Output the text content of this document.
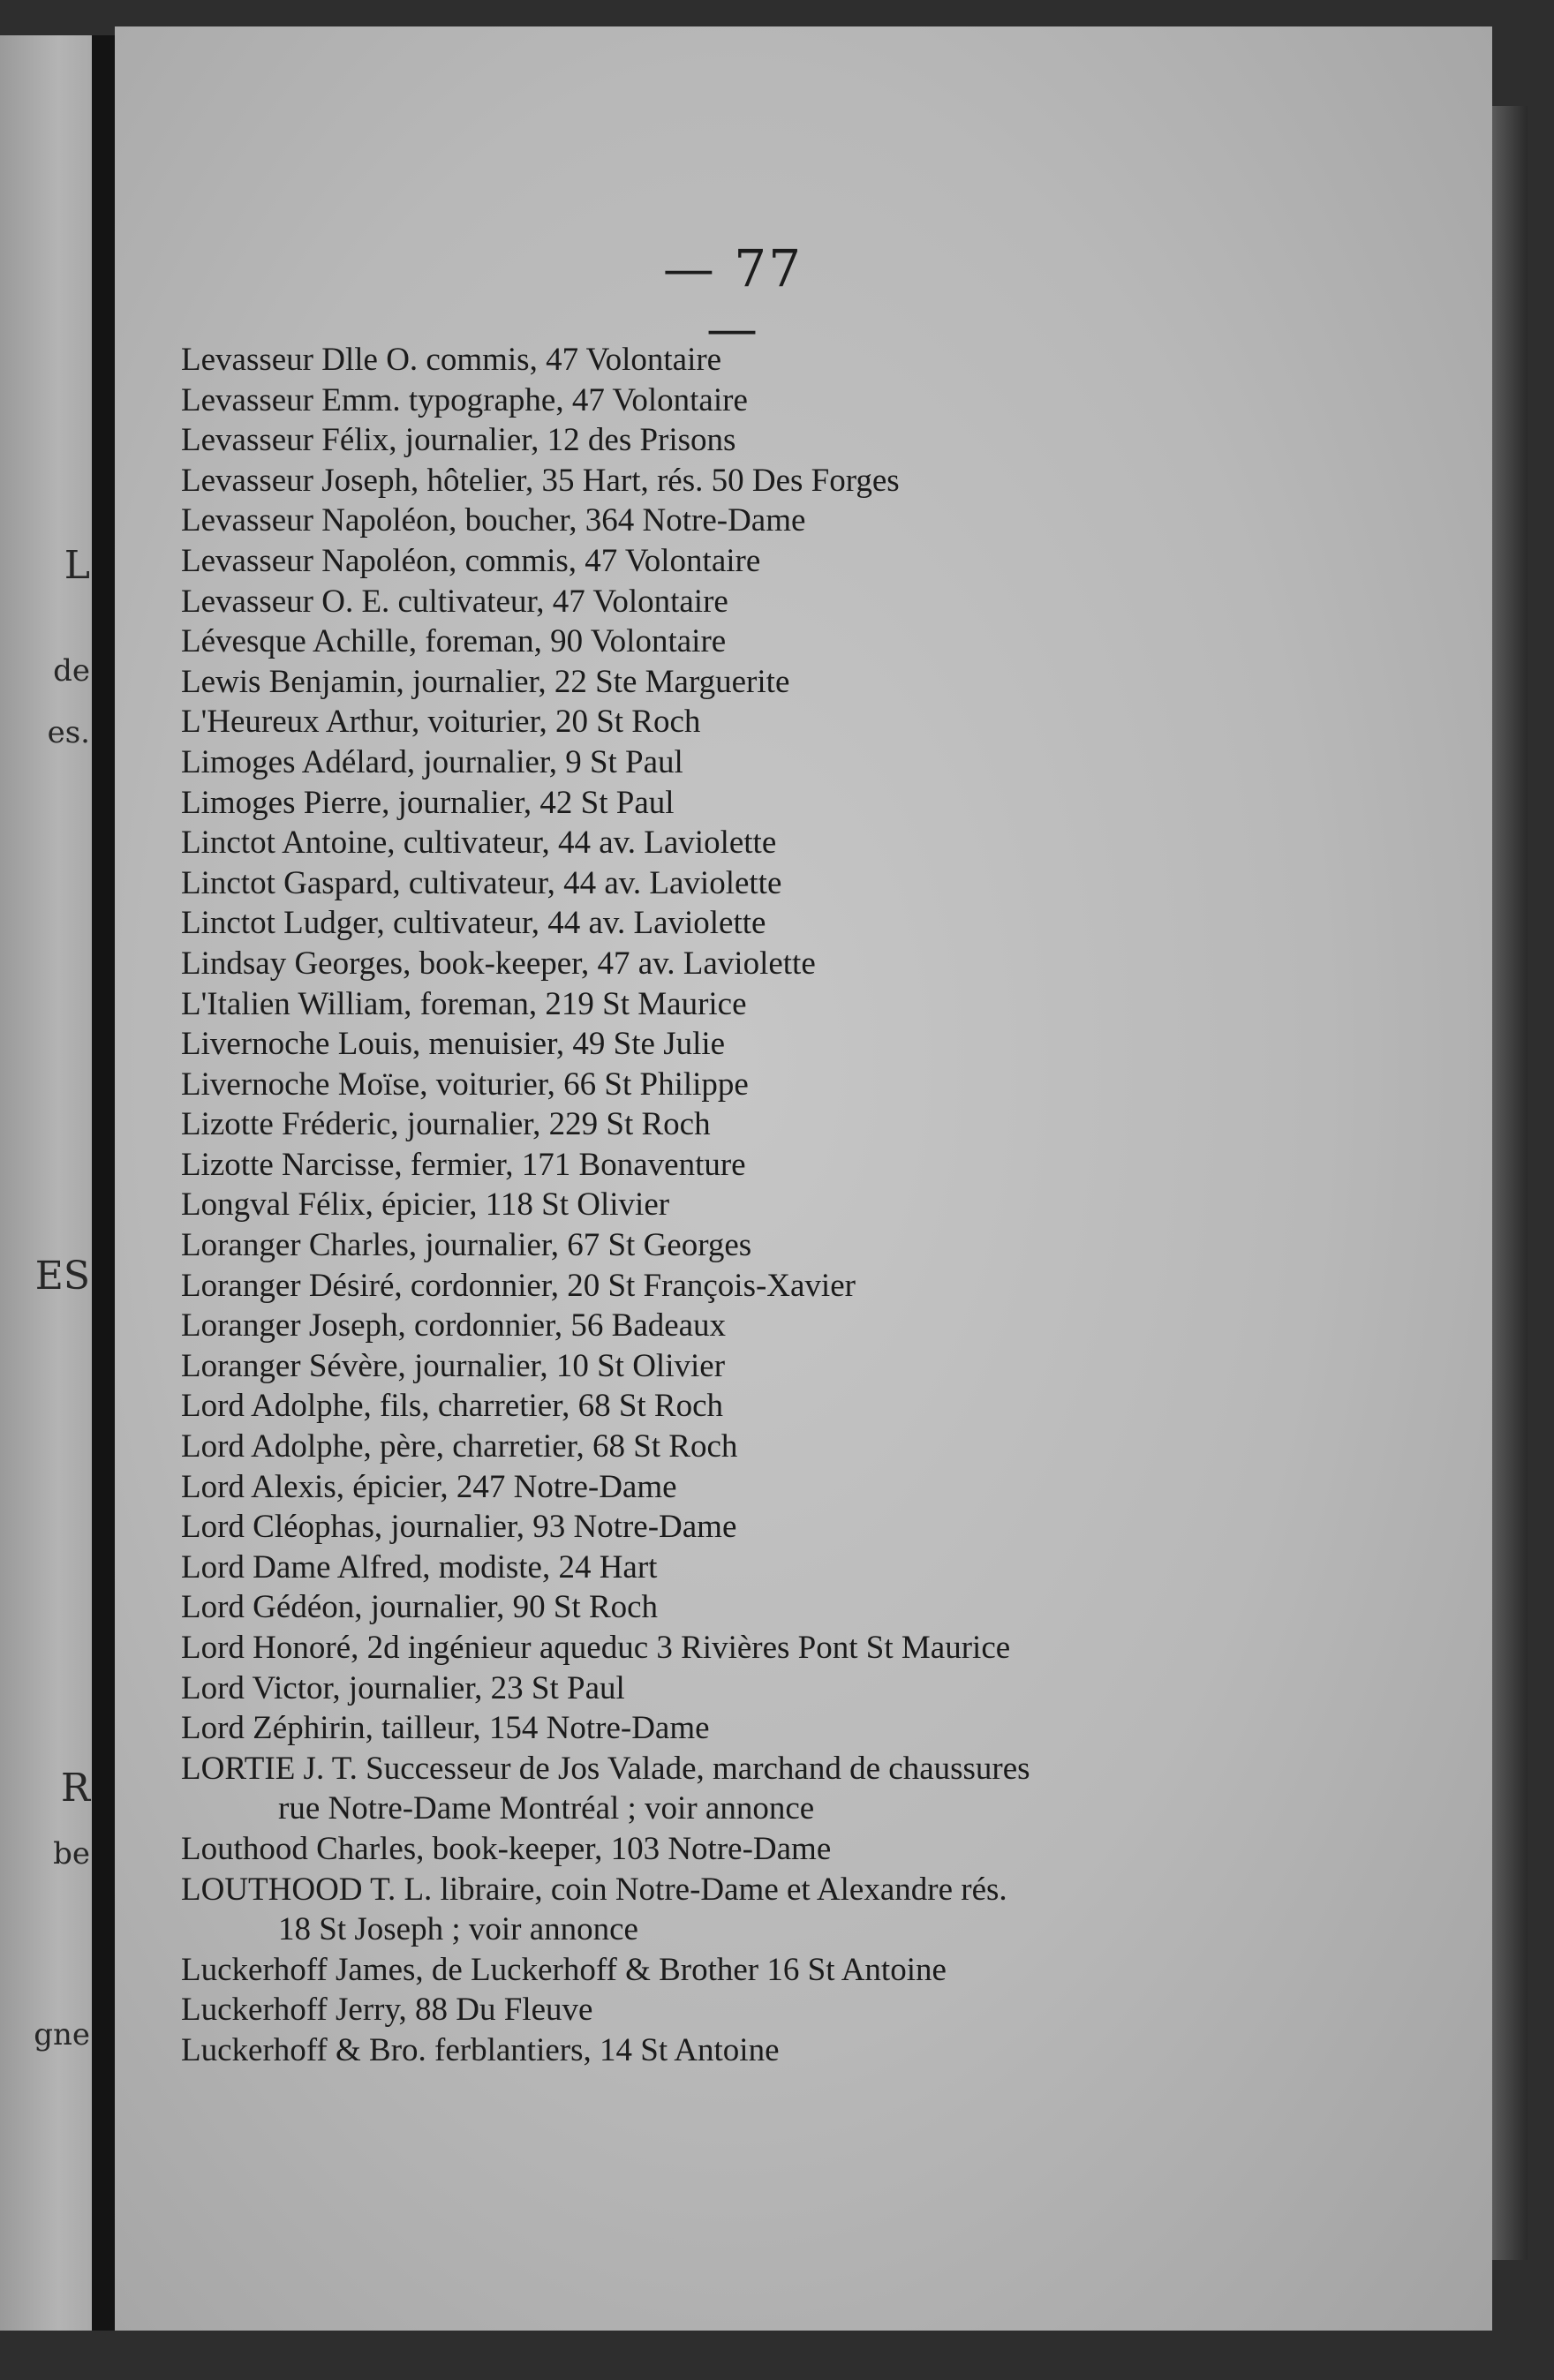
L
de
es.
ES
R
be
gne
— 77 —
Levasseur Dlle O. commis, 47 Volontaire
Levasseur Emm. typographe, 47 Volontaire
Levasseur Félix, journalier, 12 des Prisons
Levasseur Joseph, hôtelier, 35 Hart, rés. 50 Des Forges
Levasseur Napoléon, boucher, 364 Notre-Dame
Levasseur Napoléon, commis, 47 Volontaire
Levasseur O. E. cultivateur, 47 Volontaire
Lévesque Achille, foreman, 90 Volontaire
Lewis Benjamin, journalier, 22 Ste Marguerite
L'Heureux Arthur, voiturier, 20 St Roch
Limoges Adélard, journalier, 9 St Paul
Limoges Pierre, journalier, 42 St Paul
Linctot Antoine, cultivateur, 44 av. Laviolette
Linctot Gaspard, cultivateur, 44 av. Laviolette
Linctot Ludger, cultivateur, 44 av. Laviolette
Lindsay Georges, book-keeper, 47 av. Laviolette
L'Italien William, foreman, 219 St Maurice
Livernoche Louis, menuisier, 49 Ste Julie
Livernoche Moïse, voiturier, 66 St Philippe
Lizotte Fréderic, journalier, 229 St Roch
Lizotte Narcisse, fermier, 171 Bonaventure
Longval Félix, épicier, 118 St Olivier
Loranger Charles, journalier, 67 St Georges
Loranger Désiré, cordonnier, 20 St François-Xavier
Loranger Joseph, cordonnier, 56 Badeaux
Loranger Sévère, journalier, 10 St Olivier
Lord Adolphe, fils, charretier, 68 St Roch
Lord Adolphe, père, charretier, 68 St Roch
Lord Alexis, épicier, 247 Notre-Dame
Lord Cléophas, journalier, 93 Notre-Dame
Lord Dame Alfred, modiste, 24 Hart
Lord Gédéon, journalier, 90 St Roch
Lord Honoré, 2d ingénieur aqueduc 3 Rivières Pont St Maurice
Lord Victor, journalier, 23 St Paul
Lord Zéphirin, tailleur, 154 Notre-Dame
LORTIE J. T. Successeur de Jos Valade, marchand de chaussures
rue Notre-Dame Montréal ; voir annonce
Louthood Charles, book-keeper, 103 Notre-Dame
LOUTHOOD T. L. libraire, coin Notre-Dame et Alexandre rés.
18 St Joseph ; voir annonce
Luckerhoff James, de Luckerhoff & Brother 16 St Antoine
Luckerhoff Jerry, 88 Du Fleuve
Luckerhoff & Bro. ferblantiers, 14 St Antoine
